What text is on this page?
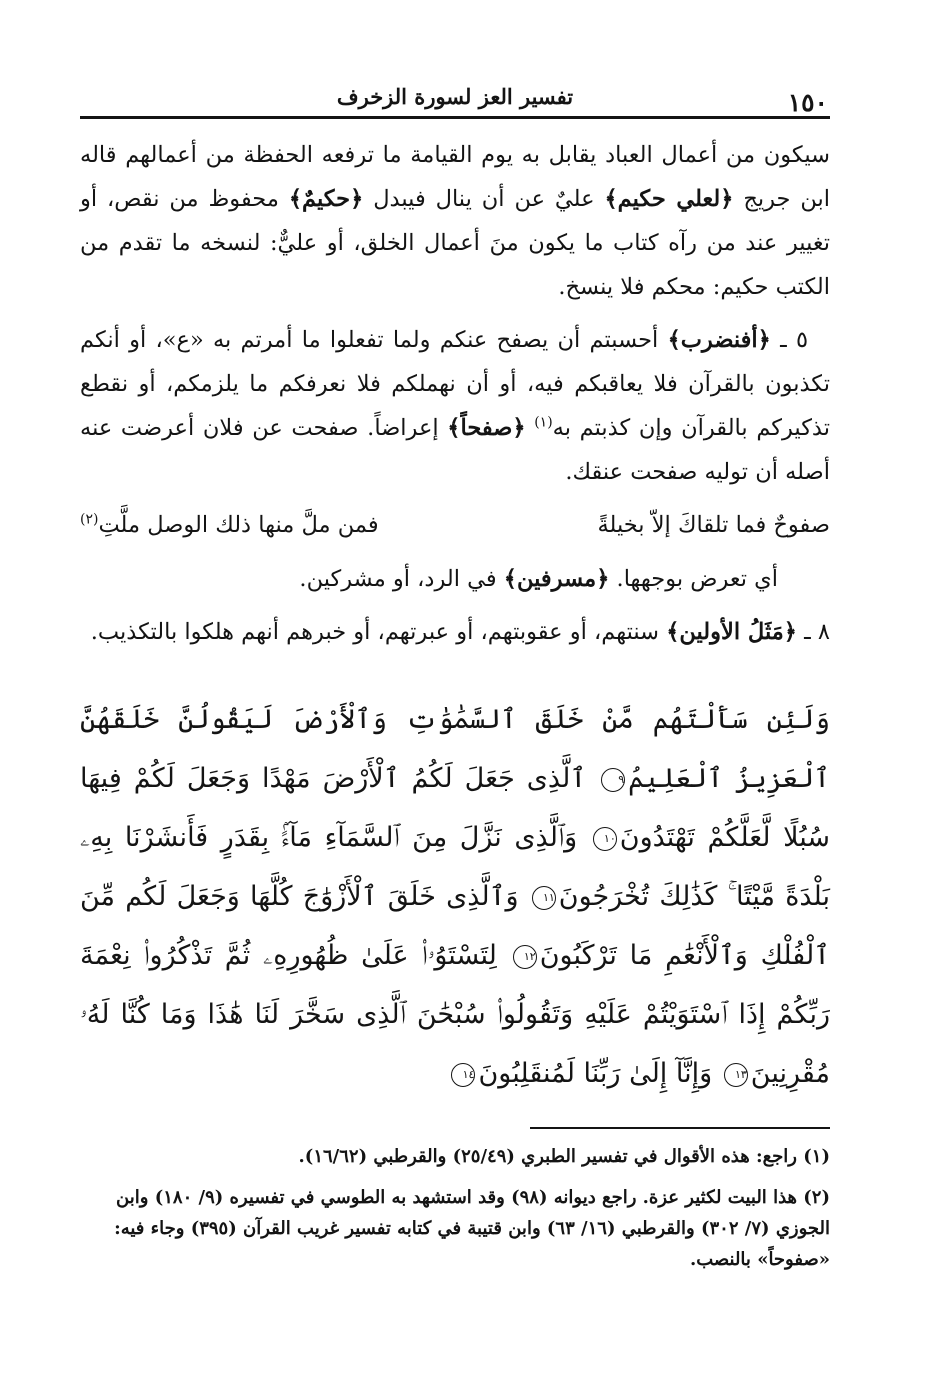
١٥٠
تفسير العز لسورة الزخرف

سيكون من أعمال العباد يقابل به يوم القيامة ما ترفعه الحفظة من أعمالهم قاله ابن جريج ﴿لعلي حكيم﴾ عليٌ عن أن ينال فيبدل ﴿حكيمٌ﴾ محفوظ من نقص، أو تغيير عند من رآه كتاب ما يكون منَ أعمال الخلق، أو عليٌّ: لنسخه ما تقدم من الكتب حكيم: محكم فلا ينسخ.

٥ ـ ﴿أفنضرب﴾ أحسبتم أن يصفح عنكم ولما تفعلوا ما أمرتم به «ع»، أو أنكم تكذبون بالقرآن فلا يعاقبكم فيه، أو أن نهملكم فلا نعرفكم ما يلزمكم، أو نقطع تذكيركم بالقرآن وإن كذبتم به$^{(١)}$ ﴿صفحاً﴾ إعراضاً. صفحت عن فلان أعرضت عنه أصله أن توليه صفحت عنقك.

صفوحٌ فما تلقاكَ إلاّ بخيلةً
فمن ملَّ منها ذلك الوصل ملَّتِ$^{(٢)}$

أي تعرض بوجهها. ﴿مسرفين﴾ في الرد، أو مشركين.

٨ ـ ﴿مَثَلُ الأولين﴾ سنتهم، أو عقوبتهم، أو عبرتهم، أو خبرهم أنهم هلكوا بالتكذيب.

وَلَئِن سَأَلْتَهُم مَّنْ خَلَقَ ٱلسَّمَٰوَٰتِ وَٱلْأَرْضَ لَيَقُولُنَّ خَلَقَهُنَّ ٱلْعَزِيزُ ٱلْعَلِيمُ٩ ٱلَّذِى جَعَلَ لَكُمُ ٱلْأَرْضَ مَهْدًا وَجَعَلَ لَكُمْ فِيهَا سُبُلًا لَّعَلَّكُمْ تَهْتَدُونَ١٠ وَٱلَّذِى نَزَّلَ مِنَ ٱلسَّمَآءِ مَآءًۢ بِقَدَرٍ فَأَنشَرْنَا بِهِۦ بَلْدَةً مَّيْتًا ۚ كَذَٰلِكَ تُخْرَجُونَ١١ وَٱلَّذِى خَلَقَ ٱلْأَزْوَٰجَ كُلَّهَا وَجَعَلَ لَكُم مِّنَ ٱلْفُلْكِ وَٱلْأَنْعَٰمِ مَا تَرْكَبُونَ١٢ لِتَسْتَوُۥا۟ عَلَىٰ ظُهُورِهِۦ ثُمَّ تَذْكُرُوا۟ نِعْمَةَ رَبِّكُمْ إِذَا ٱسْتَوَيْتُمْ عَلَيْهِ وَتَقُولُوا۟ سُبْحَٰنَ ٱلَّذِى سَخَّرَ لَنَا هَٰذَا وَمَا كُنَّا لَهُۥ مُقْرِنِينَ١٣ وَإِنَّآ إِلَىٰ رَبِّنَا لَمُنقَلِبُونَ١٤

(١) راجع: هذه الأقوال في تفسير الطبري (٢٥/٤٩) والقرطبي (١٦/٦٢).

(٢) هذا البيت لكثير عزة. راجع ديوانه (٩٨) وقد استشهد به الطوسي في تفسيره (٩/ ١٨٠) وابن الجوزي (٧/ ٣٠٢) والقرطبي (١٦/ ٦٣) وابن قتيبة في كتابه تفسير غريب القرآن (٣٩٥) وجاء فيه: «صفوحاً» بالنصب.
